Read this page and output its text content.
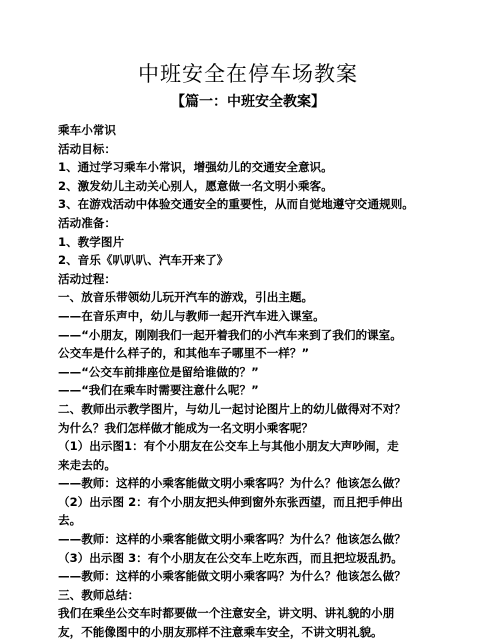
中班安全在停车场教案
【篇一：中班安全教案】

乘车小常识

活动目标：

1、通过学习乘车小常识，增强幼儿的交通安全意识。

2、激发幼儿主动关心别人，愿意做一名文明小乘客。

3、在游戏活动中体验交通安全的重要性，从而自觉地遵守交通规则。

活动准备：

1、教学图片

2、音乐《叭叭叭、汽车开来了》

活动过程：

一、放音乐带领幼儿玩开汽车的游戏，引出主题。

——在音乐声中，幼儿与教师一起开汽车进入课室。

——“小朋友，刚刚我们一起开着我们的小汽车来到了我们的课室。

公交车是什么样子的，和其他车子哪里不一样？”

——“公交车前排座位是留给谁做的？”

——“我们在乘车时需要注意什么呢？”

二、教师出示教学图片，与幼儿一起讨论图片上的幼儿做得对不对？

为什么？我们怎样做才能成为一名文明小乘客呢？

（1）出示图1：有个小朋友在公交车上与其他小朋友大声吵闹，走

来走去的。

——教师：这样的小乘客能做文明小乘客吗？为什么？他该怎么做？

（2）出示图 2：有个小朋友把头伸到窗外东张西望，而且把手伸出

去。

——教师：这样的小乘客能做文明小乘客吗？为什么？他该怎么做？

（3）出示图 3：有个小朋友在公交车上吃东西，而且把垃圾乱扔。

——教师：这样的小乘客能做文明小乘客吗？为什么？他该怎么做？

三、教师总结：

我们在乘坐公交车时都要做一个注意安全，讲文明、讲礼貌的小朋

友，不能像图中的小朋友那样不注意乘车安全，不讲文明礼貌。
